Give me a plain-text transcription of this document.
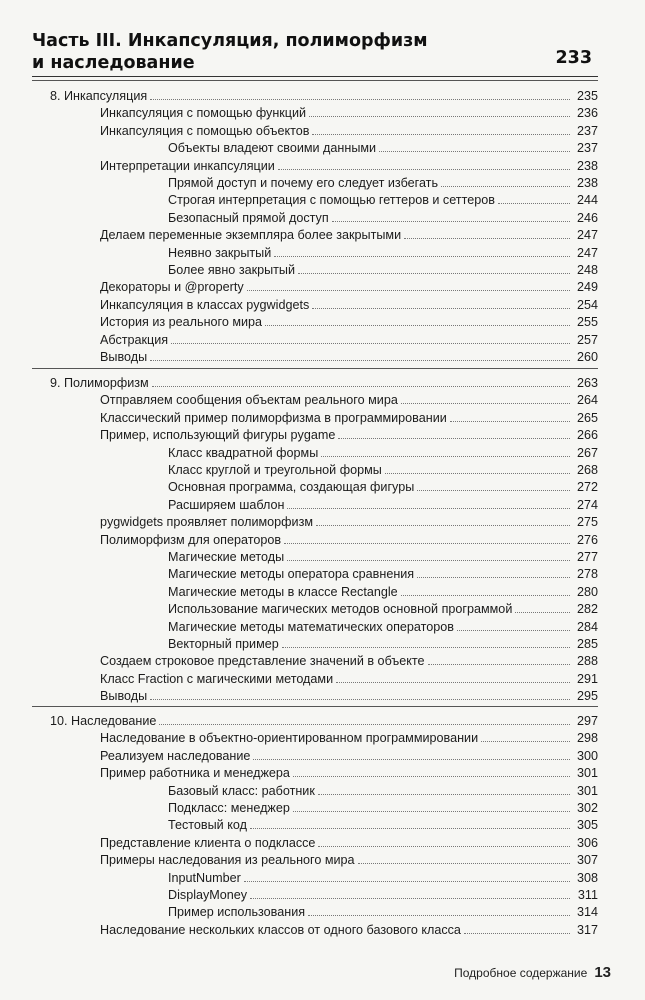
Часть III. Инкапсуляция, полиморфизм
и наследование	233
8. Инкапсуляция	235
Инкапсуляция с помощью функций	236
Инкапсуляция с помощью объектов	237
Объекты владеют своими данными	237
Интерпретации инкапсуляции	238
Прямой доступ и почему его следует избегать	238
Строгая интерпретация с помощью геттеров и сеттеров	244
Безопасный прямой доступ	246
Делаем переменные экземпляра более закрытыми	247
Неявно закрытый	247
Более явно закрытый	248
Декораторы и @property	249
Инкапсуляция в классах pygwidgets	254
История из реального мира	255
Абстракция	257
Выводы	260
9. Полиморфизм	263
Отправляем сообщения объектам реального мира	264
Классический пример полиморфизма в программировании	265
Пример, использующий фигуры pygame	266
Класс квадратной формы	267
Класс круглой и треугольной формы	268
Основная программа, создающая фигуры	272
Расширяем шаблон	274
pygwidgets проявляет полиморфизм	275
Полиморфизм для операторов	276
Магические методы	277
Магические методы оператора сравнения	278
Магические методы в классе Rectangle	280
Использование магических методов основной программой	282
Магические методы математических операторов	284
Векторный пример	285
Создаем строковое представление значений в объекте	288
Класс Fraction с магическими методами	291
Выводы	295
10. Наследование	297
Наследование в объектно-ориентированном программировании	298
Реализуем наследование	300
Пример работника и менеджера	301
Базовый класс: работник	301
Подкласс: менеджер	302
Тестовый код	305
Представление клиента о подклассе	306
Примеры наследования из реального мира	307
InputNumber	308
DisplayMoney	311
Пример использования	314
Наследование нескольких классов от одного базового класса	317
Подробное содержание 13
